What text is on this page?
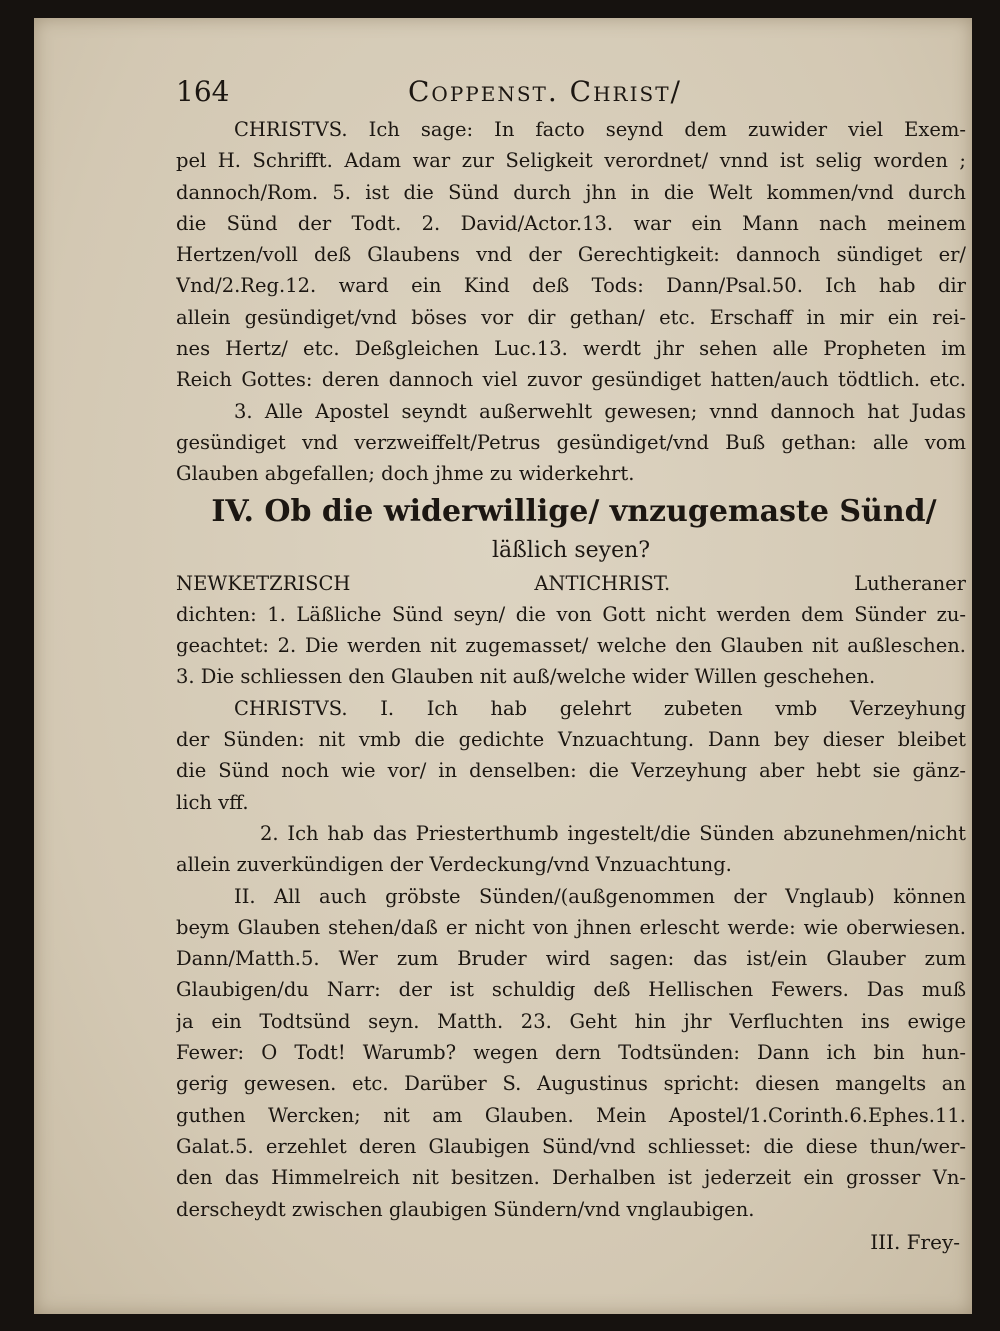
164	Coppenst. Christ/
CHRISTVS. Ich sage: In facto seynd dem zuwider viel Exem-
pel H. Schrifft. Adam war zur Seligkeit verordnet/ vnnd ist selig worden ;
dannoch/Rom. 5. ist die Sünd durch jhn in die Welt kommen/vnd durch
die Sünd der Todt. 2. David/Actor.13. war ein Mann nach meinem
Hertzen/voll deß Glaubens vnd der Gerechtigkeit: dannoch sündiget er/
Vnd/2.Reg.12. ward ein Kind deß Tods: Dann/Psal.50. Ich hab dir
allein gesündiget/vnd böses vor dir gethan/ etc. Erschaff in mir ein rei-
nes Hertz/ etc. Deßgleichen Luc.13. werdt jhr sehen alle Propheten im
Reich Gottes: deren dannoch viel zuvor gesündiget hatten/auch tödtlich. etc.
3. Alle Apostel seyndt außerwehlt gewesen; vnnd dannoch hat Judas
gesündiget vnd verzweiffelt/Petrus gesündiget/vnd Buß gethan: alle vom
Glauben abgefallen; doch jhme zu widerkehrt.
IV. Ob die widerwillige/ vnzugemaste Sünd/
läßlich seyen?
NEWKETZRISCH ANTICHRIST. Lutheraner
dichten: 1. Läßliche Sünd seyn/ die von Gott nicht werden dem Sünder zu-
geachtet: 2. Die werden nit zugemasset/ welche den Glauben nit außleschen.
3. Die schliessen den Glauben nit auß/welche wider Willen geschehen.
CHRISTVS. I. Ich hab gelehrt zubeten vmb Verzeyhung
der Sünden: nit vmb die gedichte Vnzuachtung. Dann bey dieser bleibet
die Sünd noch wie vor/ in denselben: die Verzeyhung aber hebt sie gänz-
lich vff.
2. Ich hab das Priesterthumb ingestelt/die Sünden abzunehmen/nicht
allein zuverkündigen der Verdeckung/vnd Vnzuachtung.
II. All auch gröbste Sünden/(außgenommen der Vnglaub) können
beym Glauben stehen/daß er nicht von jhnen erlescht werde: wie oberwiesen.
Dann/Matth.5. Wer zum Bruder wird sagen: das ist/ein Glauber zum
Glaubigen/du Narr: der ist schuldig deß Hellischen Fewers. Das muß
ja ein Todtsünd seyn. Matth. 23. Geht hin jhr Verfluchten ins ewige
Fewer: O Todt! Warumb? wegen dern Todtsünden: Dann ich bin hun-
gerig gewesen. etc. Darüber S. Augustinus spricht: diesen mangelts an
guthen Wercken; nit am Glauben. Mein Apostel/1.Corinth.6.Ephes.11.
Galat.5. erzehlet deren Glaubigen Sünd/vnd schliesset: die diese thun/wer-
den das Himmelreich nit besitzen. Derhalben ist jederzeit ein grosser Vn-
derscheydt zwischen glaubigen Sündern/vnd vnglaubigen.
III. Frey-
